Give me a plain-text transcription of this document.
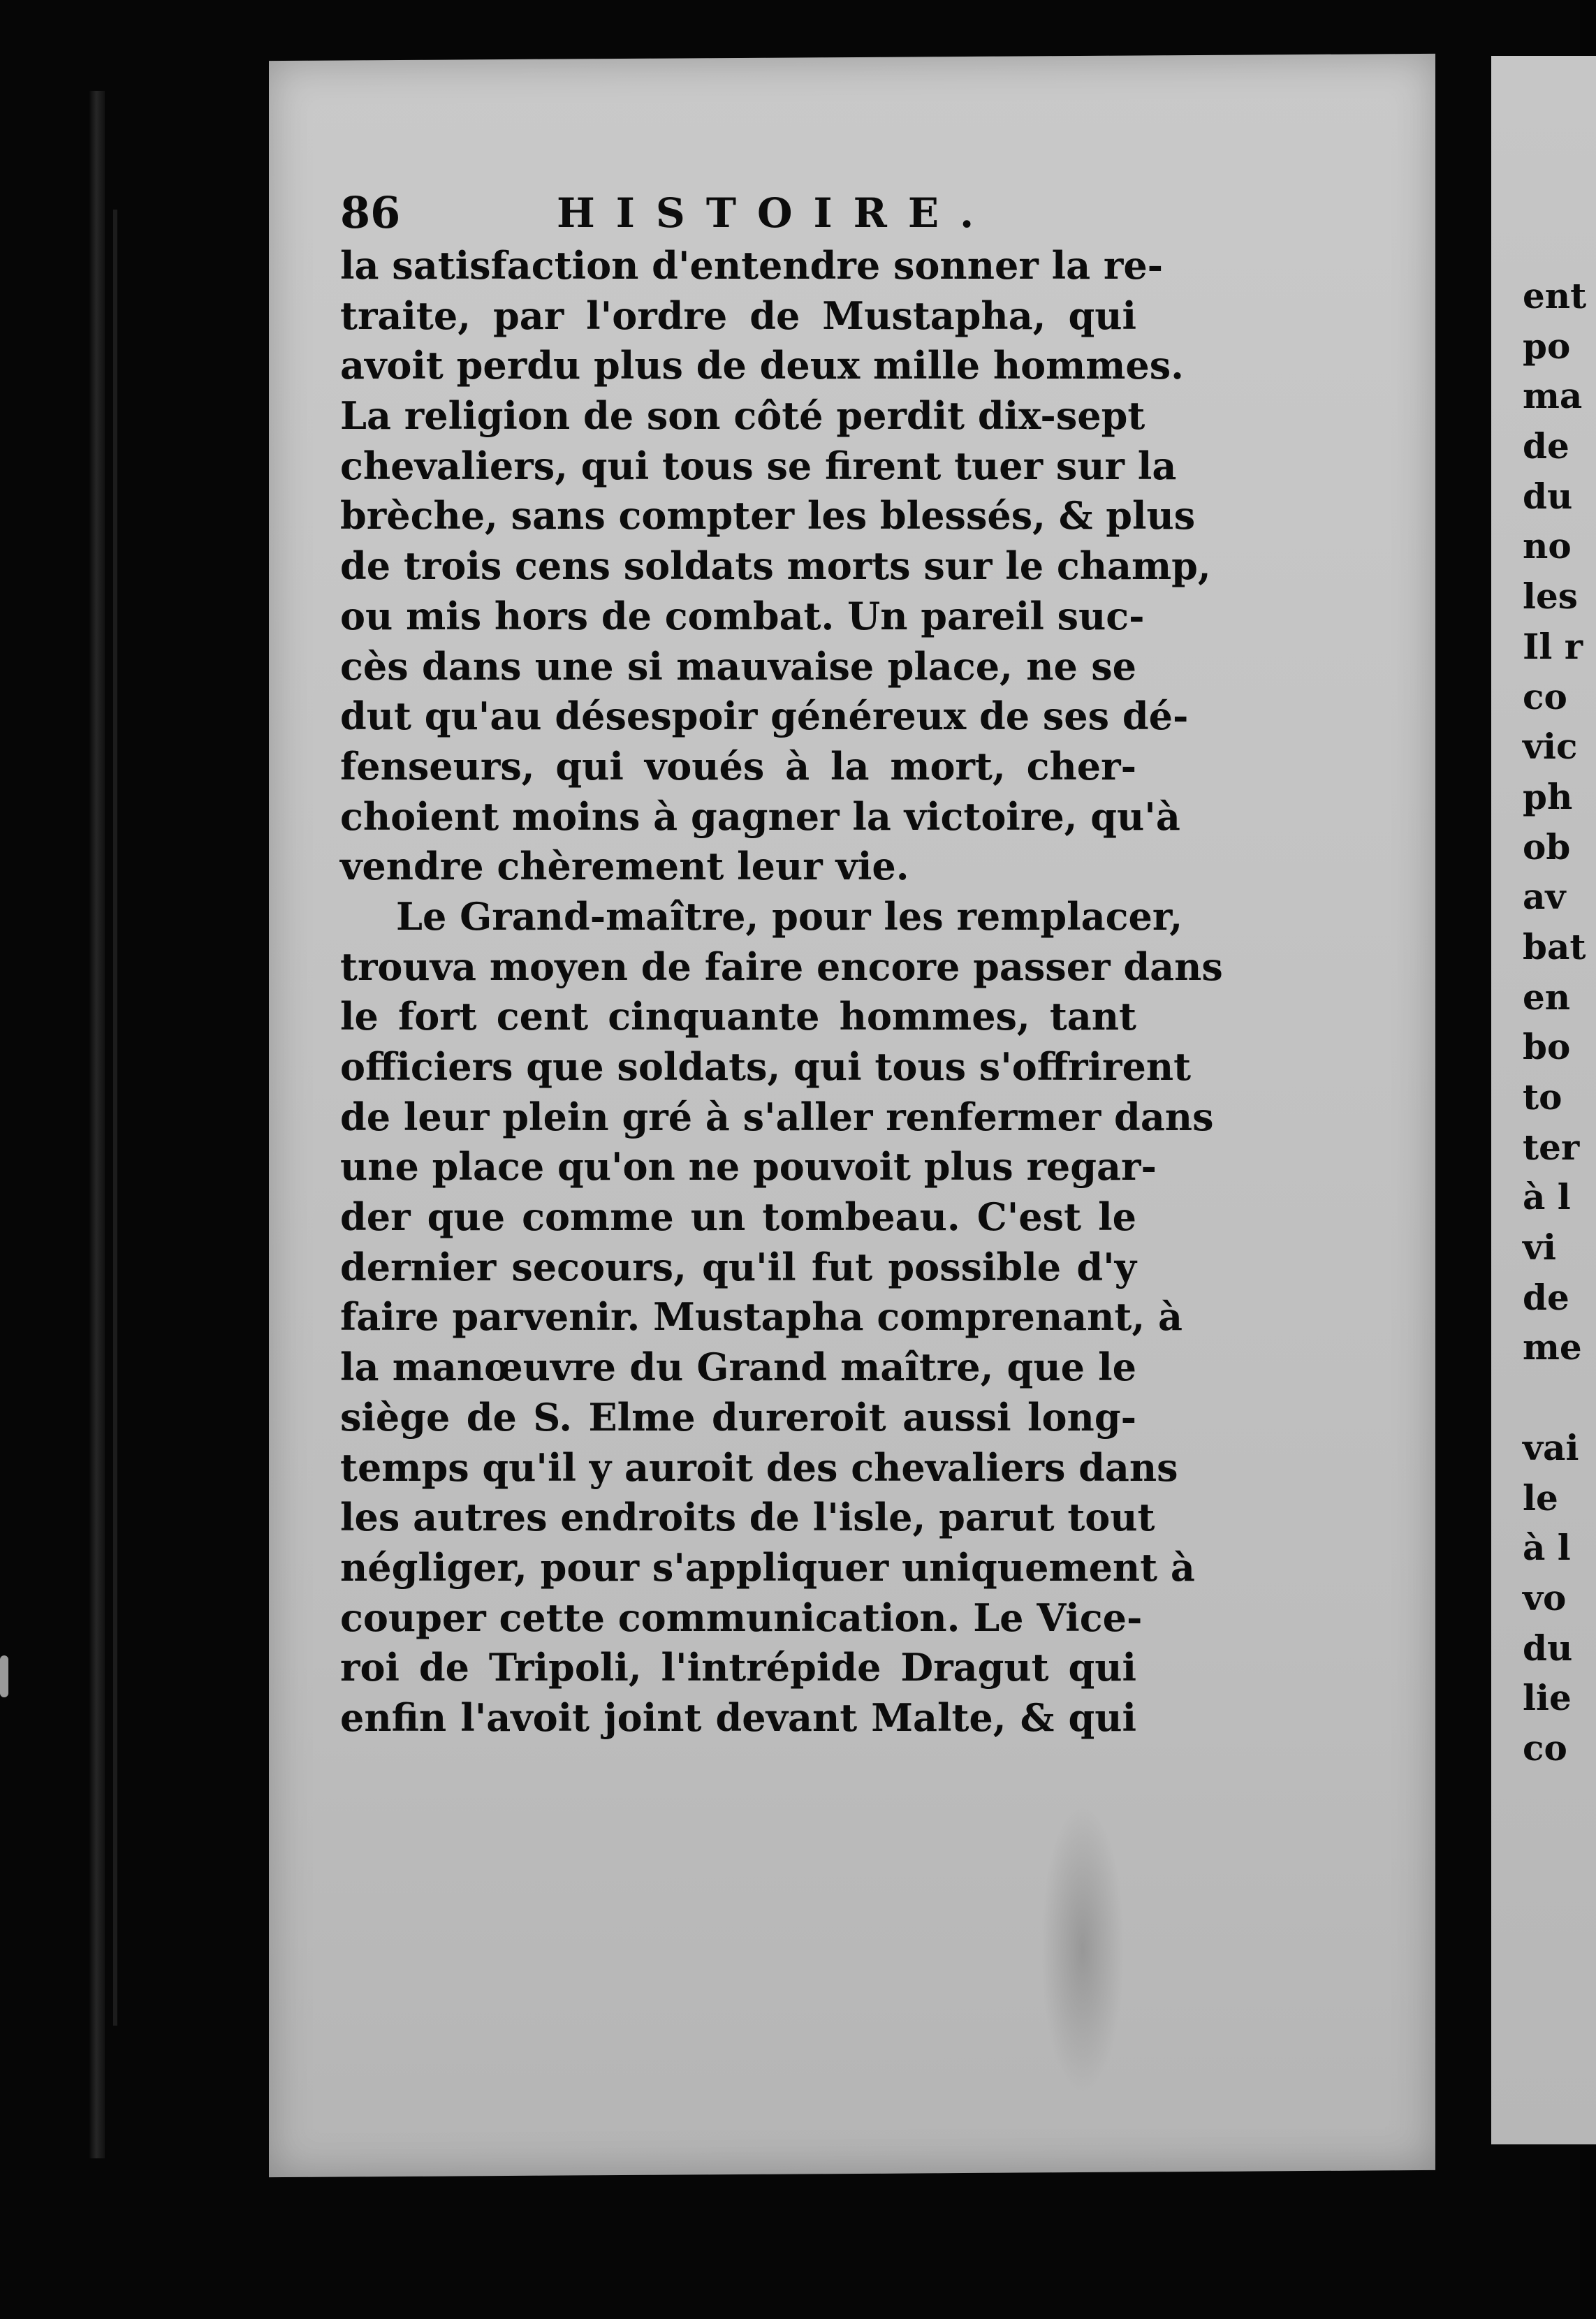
86	HISTOIRE.
la satisfaction d'entendre sonner la re-
traite, par l'ordre de Mustapha, qui
avoit perdu plus de deux mille hommes.
La religion de son côté perdit dix-sept
chevaliers, qui tous se firent tuer sur la
brèche, sans compter les blessés, & plus
de trois cens soldats morts sur le champ,
ou mis hors de combat. Un pareil suc-
cès dans une si mauvaise place, ne se
dut qu'au désespoir généreux de ses dé-
fenseurs, qui voués à la mort, cher-
choient moins à gagner la victoire, qu'à
vendre chèrement leur vie.
Le Grand-maître, pour les remplacer,
trouva moyen de faire encore passer dans
le fort cent cinquante hommes, tant
officiers que soldats, qui tous s'offrirent
de leur plein gré à s'aller renfermer dans
une place qu'on ne pouvoit plus regar-
der que comme un tombeau. C'est le
dernier secours, qu'il fut possible d'y
faire parvenir. Mustapha comprenant, à
la manœuvre du Grand maître, que le
siège de S. Elme dureroit aussi long-
temps qu'il y auroit des chevaliers dans
les autres endroits de l'isle, parut tout
négliger, pour s'appliquer uniquement à
couper cette communication. Le Vice-
roi de Tripoli, l'intrépide Dragut qui
enfin l'avoit joint devant Malte, & qui
ent
po
ma
de
du
no
les
Il r
co
vic
ph
ob
av
bat
en
bo
to
ter
à l
vi
de
me
vai
le
à l
vo
du
lie
co
